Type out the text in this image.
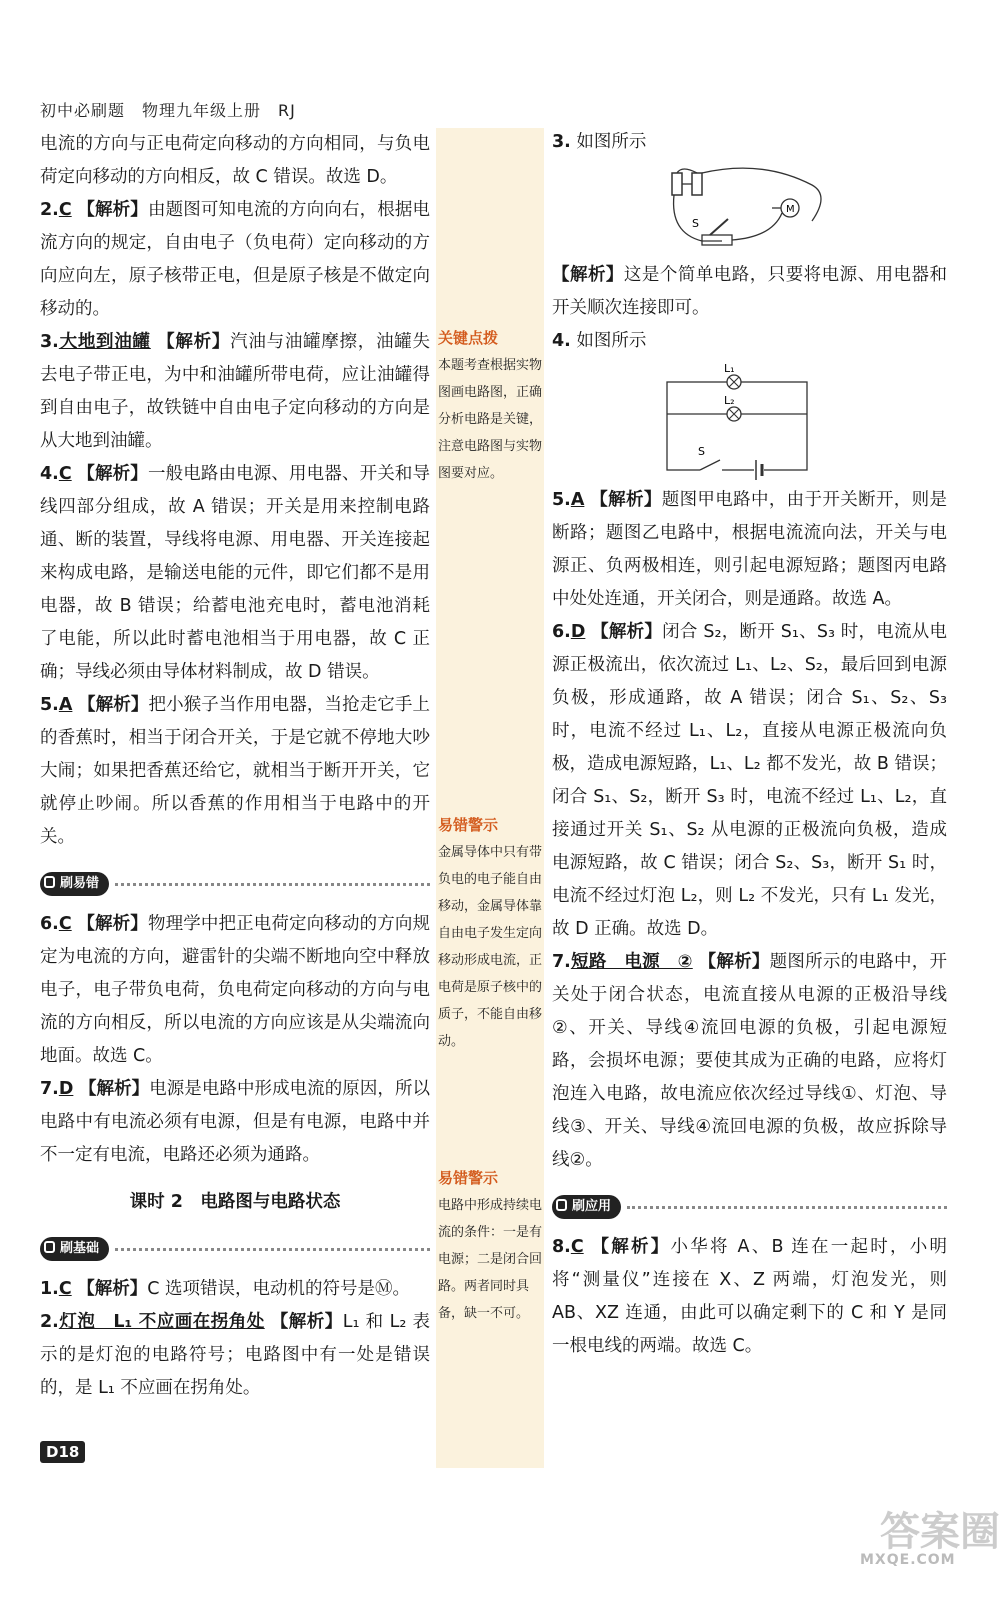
初中必刷题　物理九年级上册　RJ

电流的方向与正电荷定向移动的方向相同，与负电荷定向移动的方向相反，故 C 错误。故选 D。

2.C 【解析】由题图可知电流的方向向右，根据电流方向的规定，自由电子（负电荷）定向移动的方向应向左，原子核带正电，但是原子核是不做定向移动的。

3.大地到油罐 【解析】汽油与油罐摩擦，油罐失去电子带正电，为中和油罐所带电荷，应让油罐得到自由电子，故铁链中自由电子定向移动的方向是从大地到油罐。

4.C 【解析】一般电路由电源、用电器、开关和导线四部分组成，故 A 错误；开关是用来控制电路通、断的装置，导线将电源、用电器、开关连接起来构成电路，是输送电能的元件，即它们都不是用电器，故 B 错误；给蓄电池充电时，蓄电池消耗了电能，所以此时蓄电池相当于用电器，故 C 正确；导线必须由导体材料制成，故 D 错误。

5.A 【解析】把小猴子当作用电器，当抢走它手上的香蕉时，相当于闭合开关，于是它就不停地大吵大闹；如果把香蕉还给它，就相当于断开开关，它就停止吵闹。所以香蕉的作用相当于电路中的开关。

刷易错

6.C 【解析】物理学中把正电荷定向移动的方向规定为电流的方向，避雷针的尖端不断地向空中释放电子，电子带负电荷，负电荷定向移动的方向与电流的方向相反，所以电流的方向应该是从尖端流向地面。故选 C。

7.D 【解析】电源是电路中形成电流的原因，所以电路中有电流必须有电源，但是有电源，电路中并不一定有电流，电路还必须为通路。

课时 2　电路图与电路状态
刷基础

1.C 【解析】C 选项错误，电动机的符号是Ⓜ。

2.灯泡　L₁ 不应画在拐角处 【解析】L₁ 和 L₂ 表示的是灯泡的电路符号；电路图中有一处是错误的，是 L₁ 不应画在拐角处。

关键点拨
本题考查根据实物图画电路图，正确分析电路是关键，注意电路图与实物图要对应。
易错警示
金属导体中只有带负电的电子能自由移动，金属导体靠自由电子发生定向移动形成电流，正电荷是原子核中的质子，不能自由移动。
易错警示
电路中形成持续电流的条件：一是有电源；二是闭合回路。两者同时具备，缺一不可。

3. 如图所示

S
M

【解析】这是个简单电路，只要将电源、用电器和开关顺次连接即可。

4. 如图所示

L₁
L₂
S

5.A 【解析】题图甲电路中，由于开关断开，则是断路；题图乙电路中，根据电流流向法，开关与电源正、负两极相连，则引起电源短路；题图丙电路中处处连通，开关闭合，则是通路。故选 A。

6.D 【解析】闭合 S₂，断开 S₁、S₃ 时，电流从电源正极流出，依次流过 L₁、L₂、S₂，最后回到电源负极，形成通路，故 A 错误；闭合 S₁、S₂、S₃ 时，电流不经过 L₁、L₂，直接从电源正极流向负极，造成电源短路，L₁、L₂ 都不发光，故 B 错误；闭合 S₁、S₂，断开 S₃ 时，电流不经过 L₁、L₂，直接通过开关 S₁、S₂ 从电源的正极流向负极，造成电源短路，故 C 错误；闭合 S₂、S₃，断开 S₁ 时，电流不经过灯泡 L₂，则 L₂ 不发光，只有 L₁ 发光，故 D 正确。故选 D。

7.短路　电源　② 【解析】题图所示的电路中，开关处于闭合状态，电流直接从电源的正极沿导线②、开关、导线④流回电源的负极，引起电源短路，会损坏电源；要使其成为正确的电路，应将灯泡连入电路，故电流应依次经过导线①、灯泡、导线③、开关、导线④流回电源的负极，故应拆除导线②。

刷应用

8.C 【解析】小华将 A、B 连在一起时，小明将“测量仪”连接在 X、Z 两端，灯泡发光，则 AB、XZ 连通，由此可以确定剩下的 C 和 Y 是同一根电线的两端。故选 C。

D18
答案圈
MXQE.COM
